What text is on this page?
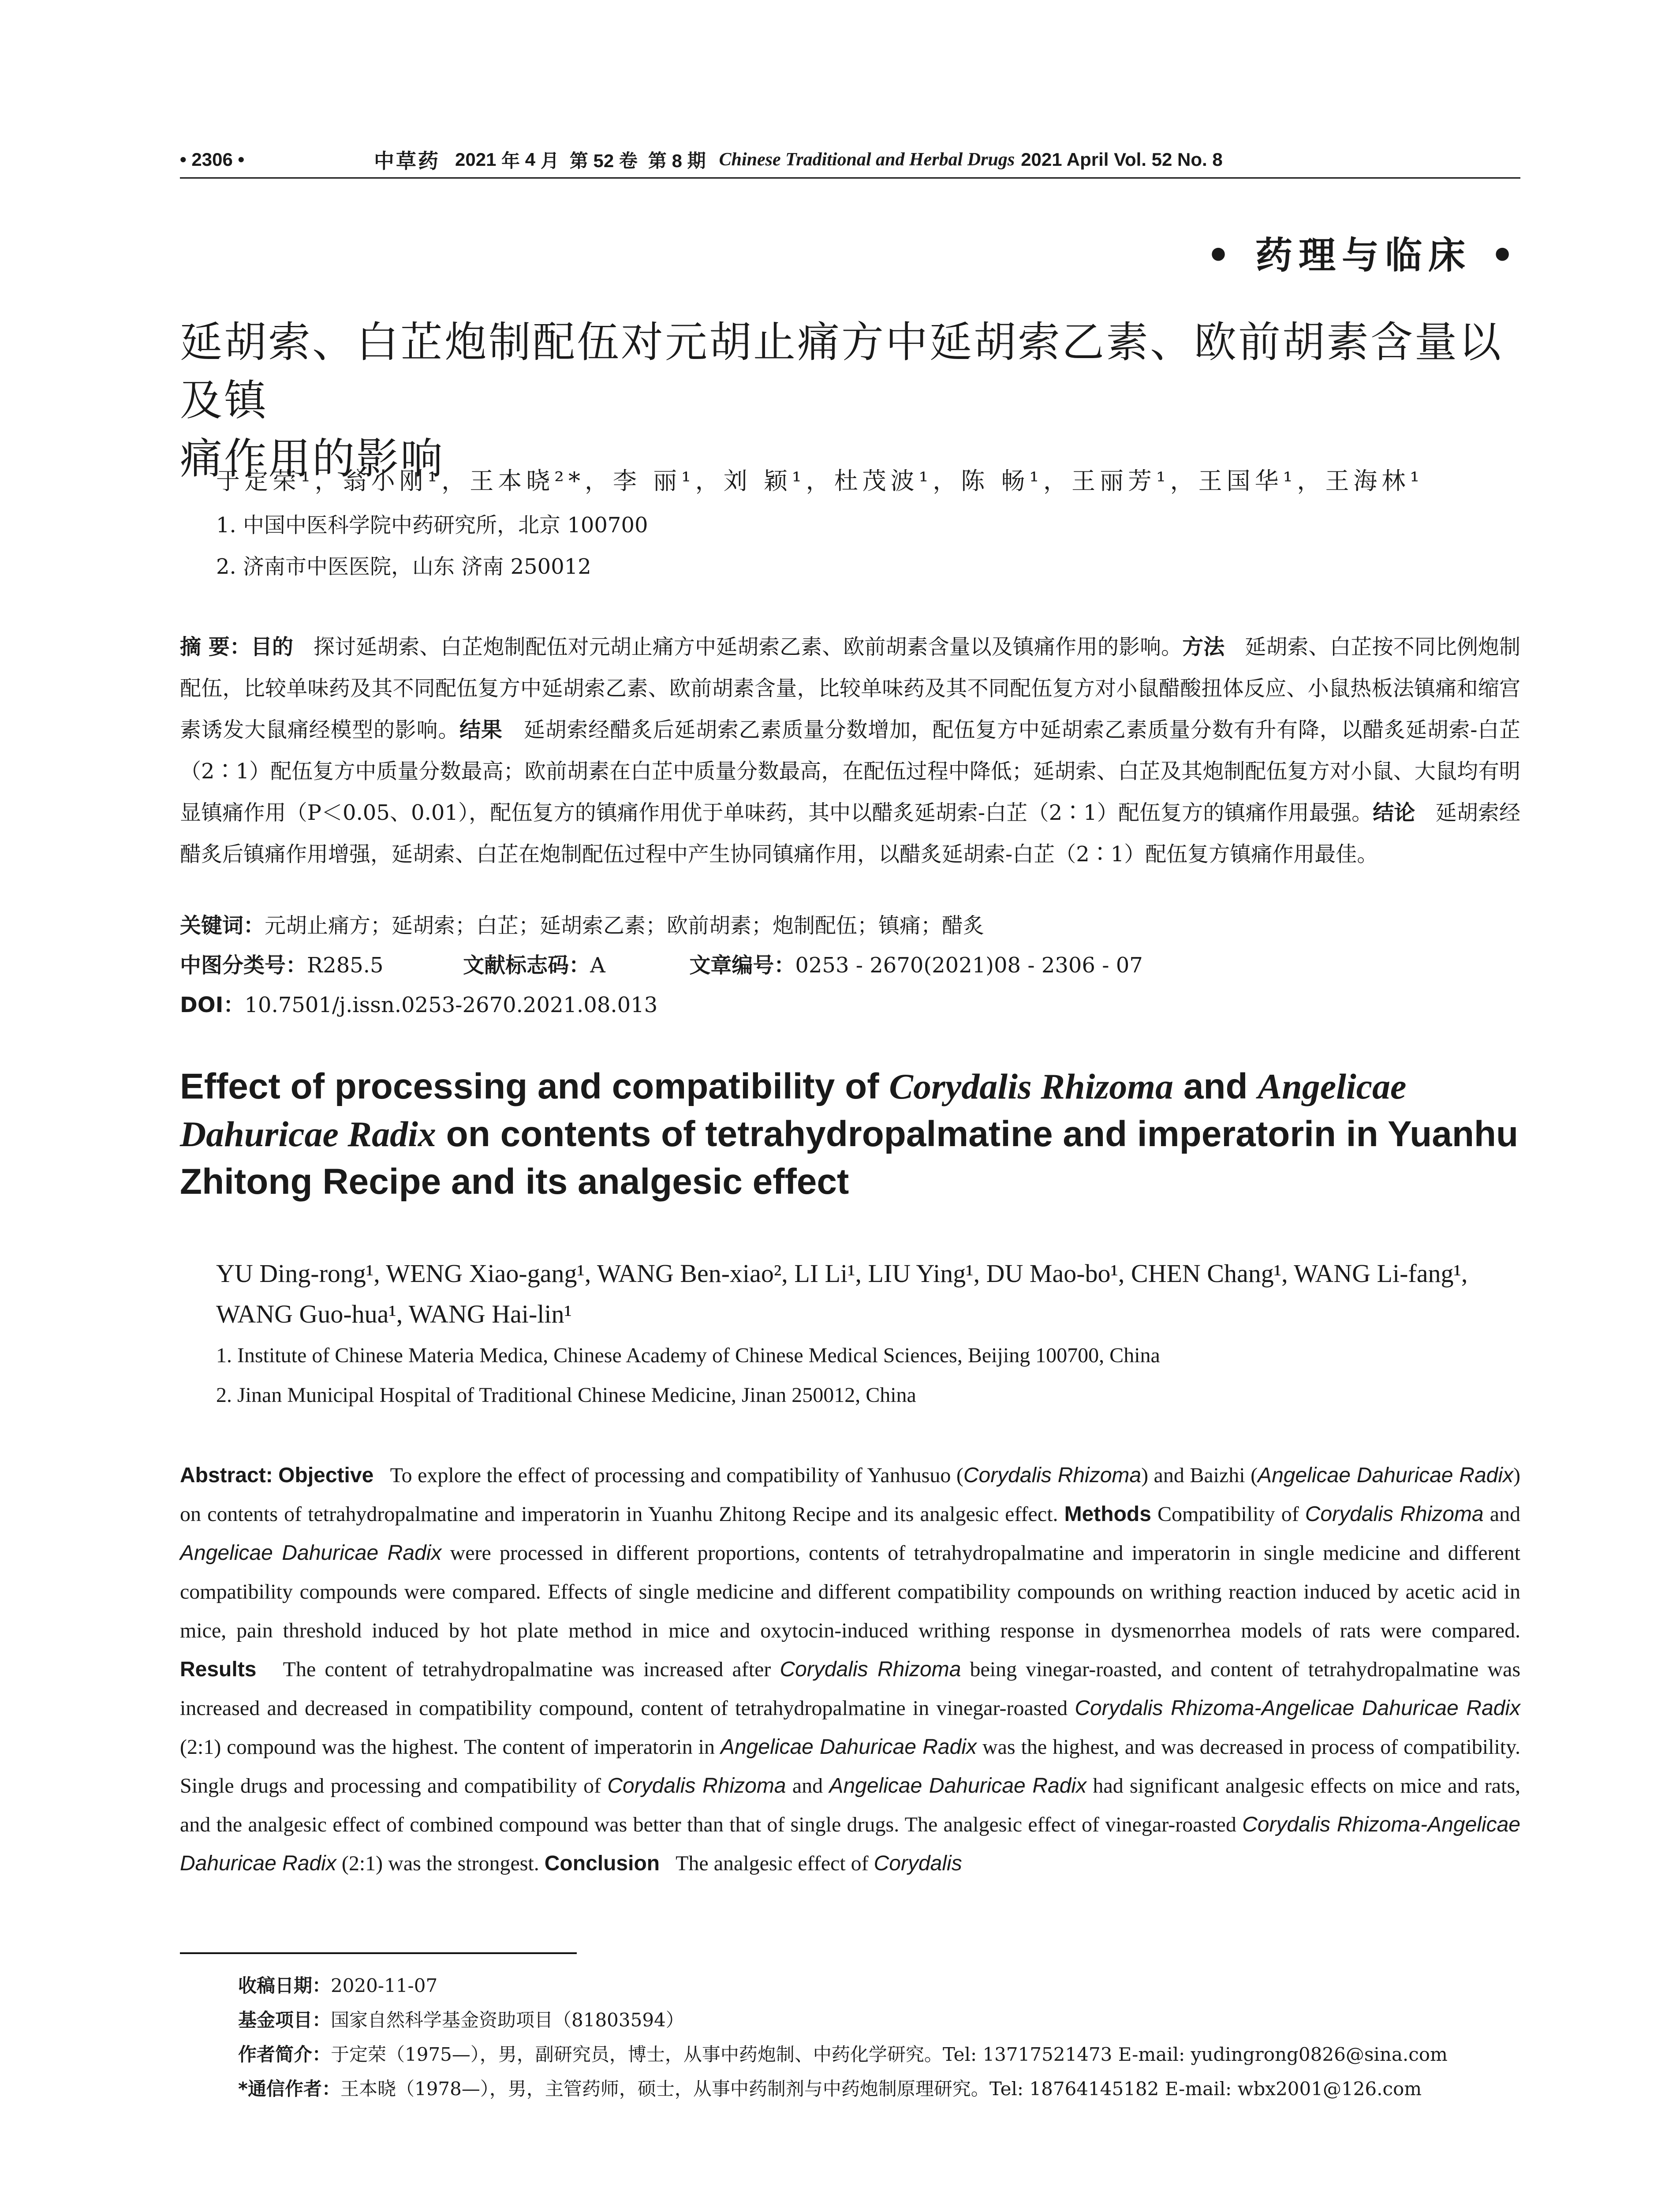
• 2306 •	中草药 2021
年
4
月 第 52 卷 第 8 期 Chinese Traditional and Herbal Drugs 2021 April Vol. 52 No. 8
• 药理与临床 •
延胡索、白芷炮制配伍对元胡止痛方中延胡索乙素、欧前胡素含量以及镇
痛作用的影响
于定荣¹，翁小刚¹，王本晓²*，李 丽¹，刘 颖¹，杜茂波¹，陈 畅¹，王丽芳¹，王国华¹，王海林¹
1. 中国中医科学院中药研究所，北京 100700
2. 济南市中医医院，山东 济南 250012
摘 要：目的 探讨延胡索、白芷炮制配伍对元胡止痛方中延胡索乙素、欧前胡素含量以及镇痛作用的影响。方法 延胡索、白芷按不同比例炮制配伍，比较单味药及其不同配伍复方中延胡索乙素、欧前胡素含量，比较单味药及其不同配伍复方对小鼠醋酸扭体反应、小鼠热板法镇痛和缩宫素诱发大鼠痛经模型的影响。结果 延胡索经醋炙后延胡索乙素质量分数增加，配伍复方中延胡索乙素质量分数有升有降，以醋炙延胡索-白芷（2∶1）配伍复方中质量分数最高；欧前胡素在白芷中质量分数最高，在配伍过程中降低；延胡索、白芷及其炮制配伍复方对小鼠、大鼠均有明显镇痛作用（P＜0.05、0.01），配伍复方的镇痛作用优于单味药，其中以醋炙延胡索-白芷（2∶1）配伍复方的镇痛作用最强。结论 延胡索经醋炙后镇痛作用增强，延胡索、白芷在炮制配伍过程中产生协同镇痛作用，以醋炙延胡索-白芷（2∶1）配伍复方镇痛作用最佳。
关键词：元胡止痛方；延胡索；白芷；延胡索乙素；欧前胡素；炮制配伍；镇痛；醋炙
中图分类号：R285.5	文献标志码：A	文章编号：0253 - 2670(2021)08 - 2306 - 07
DOI：10.7501/j.issn.0253-2670.2021.08.013
Effect of processing and compatibility of Corydalis Rhizoma and Angelicae Dahuricae Radix on contents of tetrahydropalmatine and imperatorin in Yuanhu Zhitong Recipe and its analgesic effect
YU Ding-rong¹, WENG Xiao-gang¹, WANG Ben-xiao², LI Li¹, LIU Ying¹, DU Mao-bo¹, CHEN Chang¹, WANG Li-fang¹, WANG Guo-hua¹, WANG Hai-lin¹
1. Institute of Chinese Materia Medica, Chinese Academy of Chinese Medical Sciences, Beijing 100700, China
2. Jinan Municipal Hospital of Traditional Chinese Medicine, Jinan 250012, China
Abstract: Objective To explore the effect of processing and compatibility of Yanhusuo (Corydalis Rhizoma) and Baizhi (Angelicae Dahuricae Radix) on contents of tetrahydropalmatine and imperatorin in Yuanhu Zhitong Recipe and its analgesic effect. Methods Compatibility of Corydalis Rhizoma and Angelicae Dahuricae Radix were processed in different proportions, contents of tetrahydropalmatine and imperatorin in single medicine and different compatibility compounds were compared. Effects of single medicine and different compatibility compounds on writhing reaction induced by acetic acid in mice, pain threshold induced by hot plate method in mice and oxytocin-induced writhing response in dysmenorrhea models of rats were compared. Results The content of tetrahydropalmatine was increased after Corydalis Rhizoma being vinegar-roasted, and content of tetrahydropalmatine was increased and decreased in compatibility compound, content of tetrahydropalmatine in vinegar-roasted Corydalis Rhizoma-Angelicae Dahuricae Radix (2:1) compound was the highest. The content of imperatorin in Angelicae Dahuricae Radix was the highest, and was decreased in process of compatibility. Single drugs and processing and compatibility of Corydalis Rhizoma and Angelicae Dahuricae Radix had significant analgesic effects on mice and rats, and the analgesic effect of combined compound was better than that of single drugs. The analgesic effect of vinegar-roasted Corydalis Rhizoma-Angelicae Dahuricae Radix (2:1) was the strongest. Conclusion The analgesic effect of Corydalis
收稿日期：2020-11-07
基金项目：国家自然科学基金资助项目（81803594）
作者简介：于定荣（1975—），男，副研究员，博士，从事中药炮制、中药化学研究。Tel: 13717521473 E-mail: yudingrong0826@sina.com
*通信作者：王本晓（1978—），男，主管药师，硕士，从事中药制剂与中药炮制原理研究。Tel: 18764145182 E-mail: wbx2001@126.com
